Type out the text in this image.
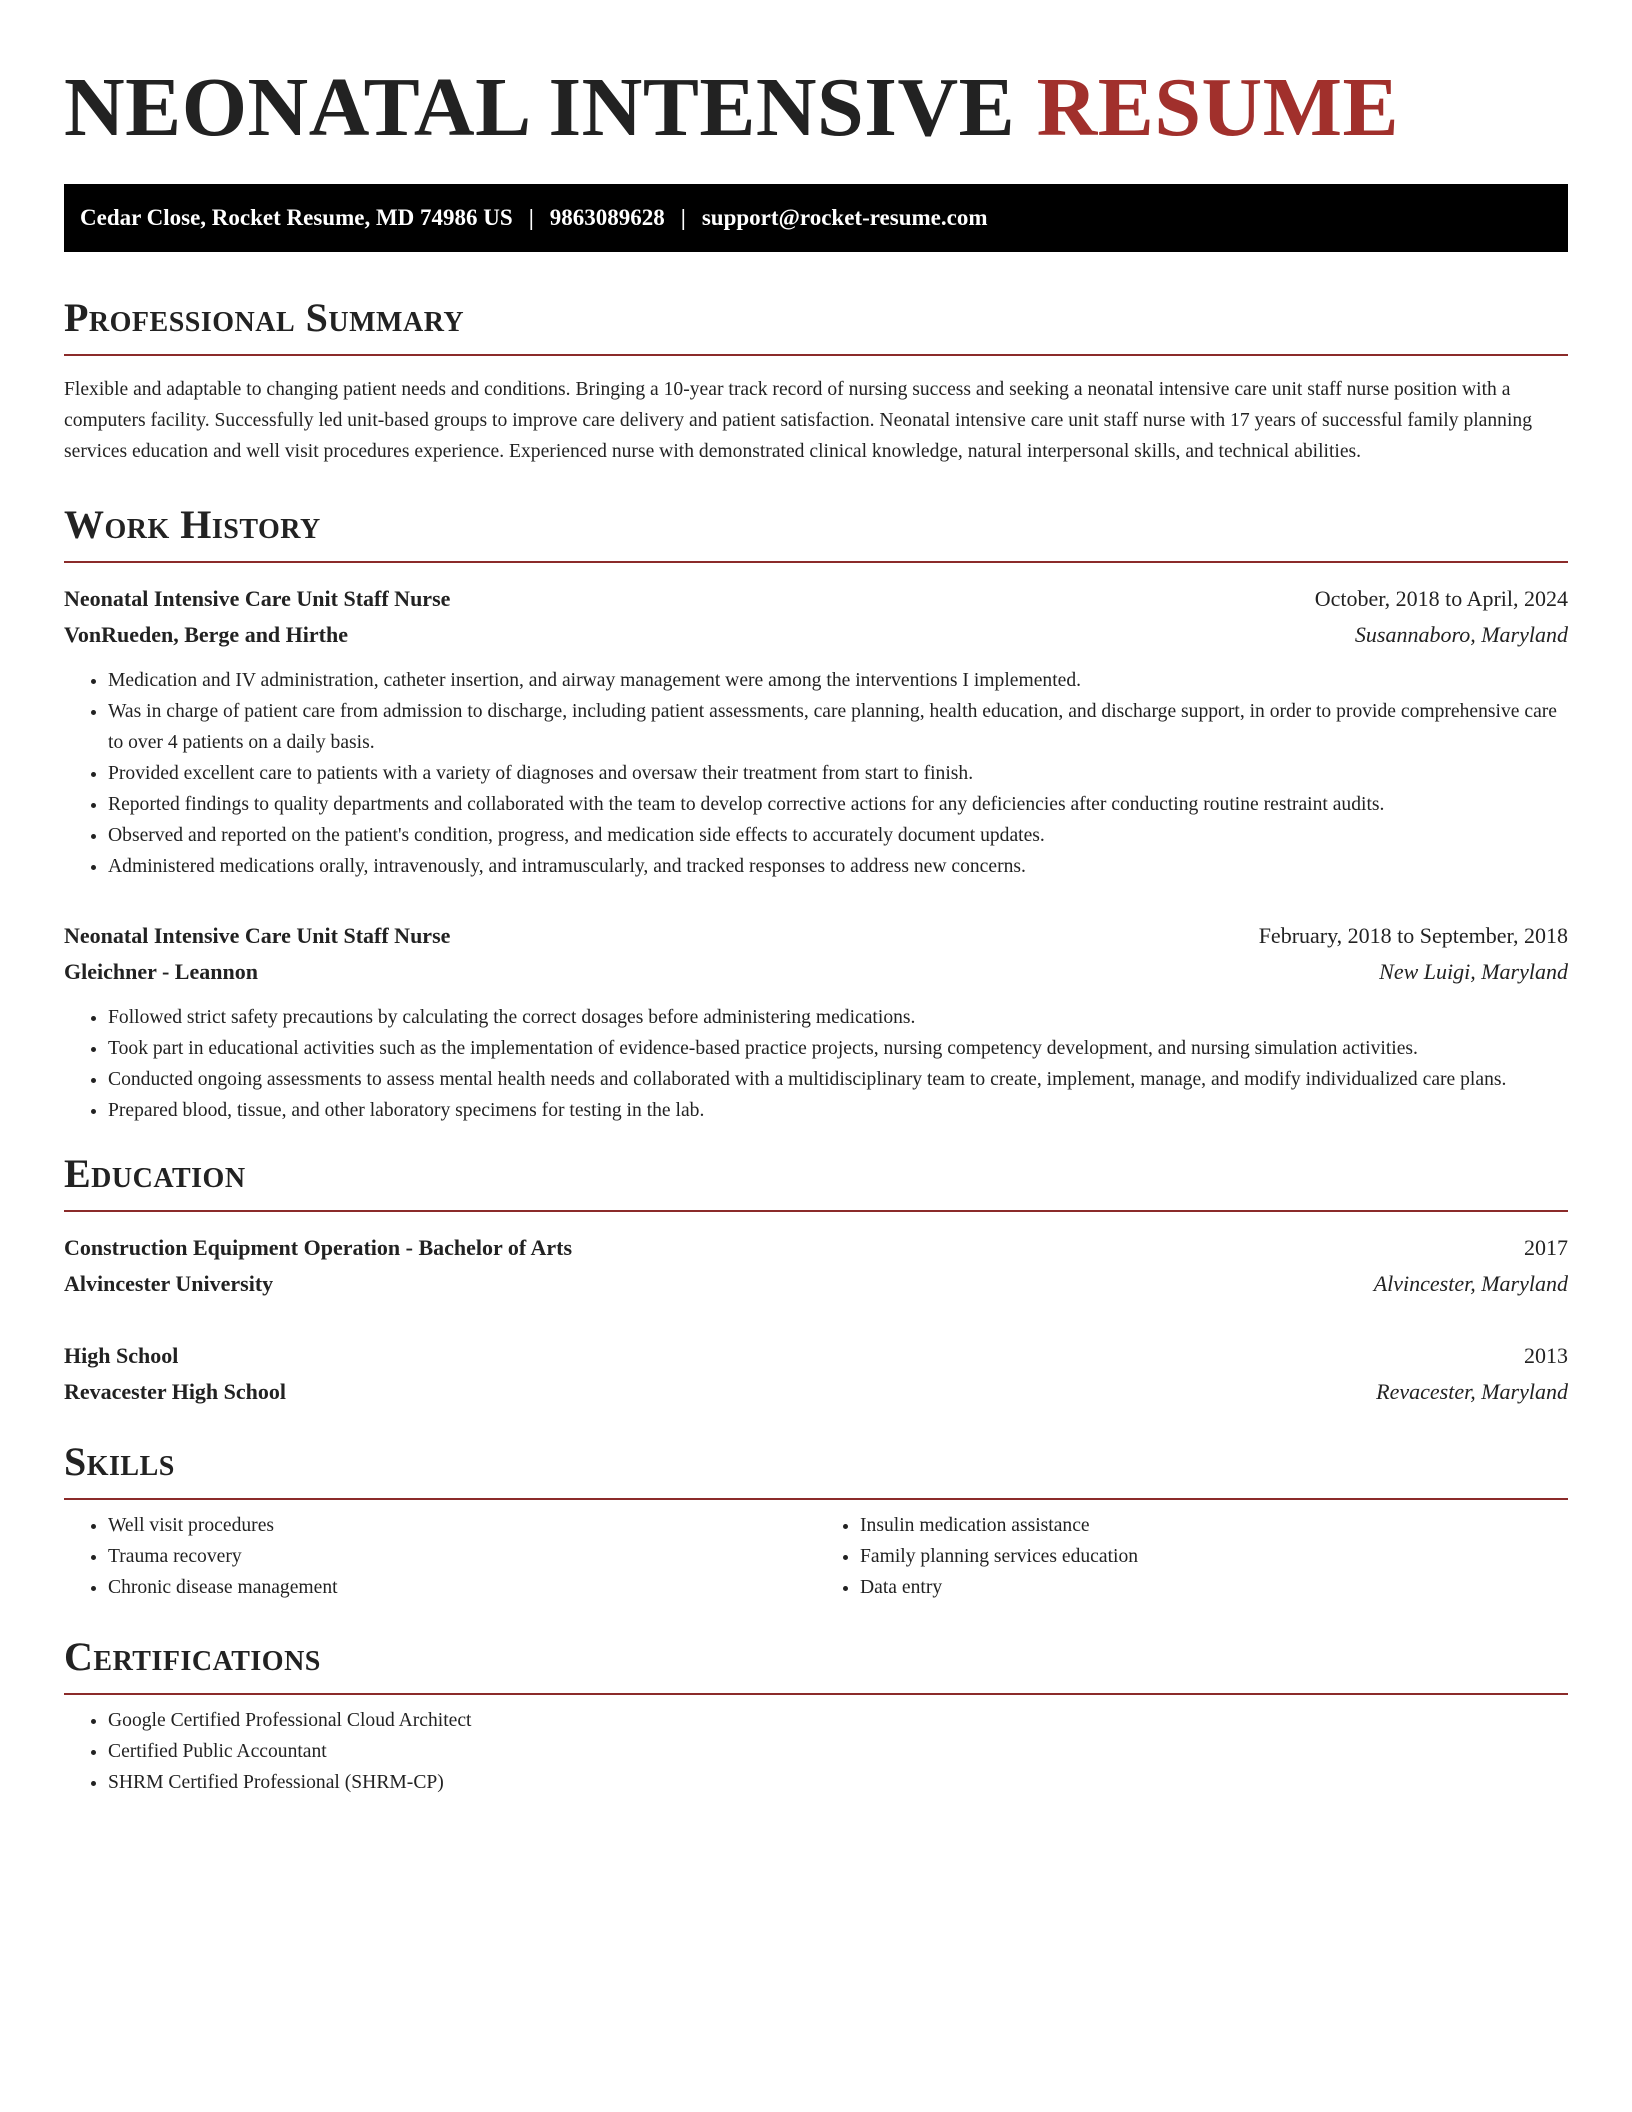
NEONATAL INTENSIVE RESUME
Cedar Close, Rocket Resume, MD 74986 US | 9863089628 | support@rocket-resume.com
Professional Summary

Flexible and adaptable to changing patient needs and conditions. Bringing a 10-year track record of nursing success and seeking a neonatal intensive care unit staff nurse position with a computers facility. Successfully led unit-based groups to improve care delivery and patient satisfaction. Neonatal intensive care unit staff nurse with 17 years of successful family planning services education and well visit procedures experience. Experienced nurse with demonstrated clinical knowledge, natural interpersonal skills, and technical abilities.

Work History
Neonatal Intensive Care Unit Staff Nurse	October, 2018 to April, 2024
VonRueden, Berge and Hirthe	Susannaboro, Maryland
• Medication and IV administration, catheter insertion, and airway management were among the interventions I implemented.
• Was in charge of patient care from admission to discharge, including patient assessments, care planning, health education, and discharge support, in order to provide comprehensive care to over 4 patients on a daily basis.
• Provided excellent care to patients with a variety of diagnoses and oversaw their treatment from start to finish.
• Reported findings to quality departments and collaborated with the team to develop corrective actions for any deficiencies after conducting routine restraint audits.
• Observed and reported on the patient's condition, progress, and medication side effects to accurately document updates.
• Administered medications orally, intravenously, and intramuscularly, and tracked responses to address new concerns.
Neonatal Intensive Care Unit Staff Nurse	February, 2018 to September, 2018
Gleichner - Leannon	New Luigi, Maryland
• Followed strict safety precautions by calculating the correct dosages before administering medications.
• Took part in educational activities such as the implementation of evidence-based practice projects, nursing competency development, and nursing simulation activities.
• Conducted ongoing assessments to assess mental health needs and collaborated with a multidisciplinary team to create, implement, manage, and modify individualized care plans.
• Prepared blood, tissue, and other laboratory specimens for testing in the lab.
Education
Construction Equipment Operation - Bachelor of Arts	2017
Alvincester University	Alvincester, Maryland
High School	2013
Revacester High School	Revacester, Maryland
Skills
• Well visit procedures
• Trauma recovery
• Chronic disease management
• Insulin medication assistance
• Family planning services education
• Data entry
Certifications
• Google Certified Professional Cloud Architect
• Certified Public Accountant
• SHRM Certified Professional (SHRM-CP)
